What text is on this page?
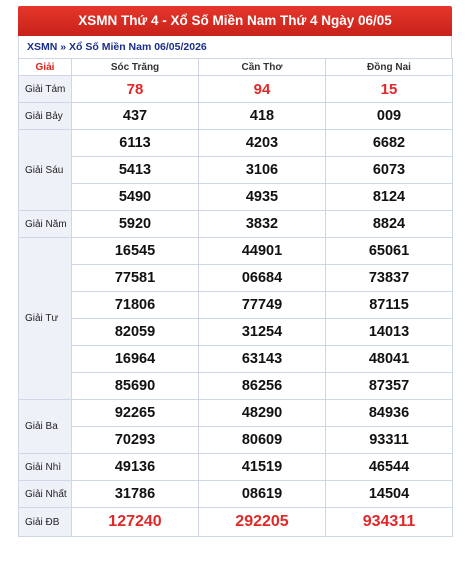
XSMN Thứ 4 - Xổ Số Miền Nam Thứ 4 Ngày 06/05
XSMN » Xổ Số Miền Nam 06/05/2026
Giải	Sóc Trăng	Cần Thơ	Đồng Nai
Giải Tám	78	94	15
Giải Bảy	437	418	009
Giải Sáu	6113	4203	6682
	5413	3106	6073
	5490	4935	8124
Giải Năm	5920	3832	8824
Giải Tư	16545	44901	65061
	77581	06684	73837
	71806	77749	87115
	82059	31254	14013
	16964	63143	48041
	85690	86256	87357
Giải Ba	92265	48290	84936
	70293	80609	93311
Giải Nhì	49136	41519	46544
Giải Nhất	31786	08619	14504
Giải ĐB	127240	292205	934311
